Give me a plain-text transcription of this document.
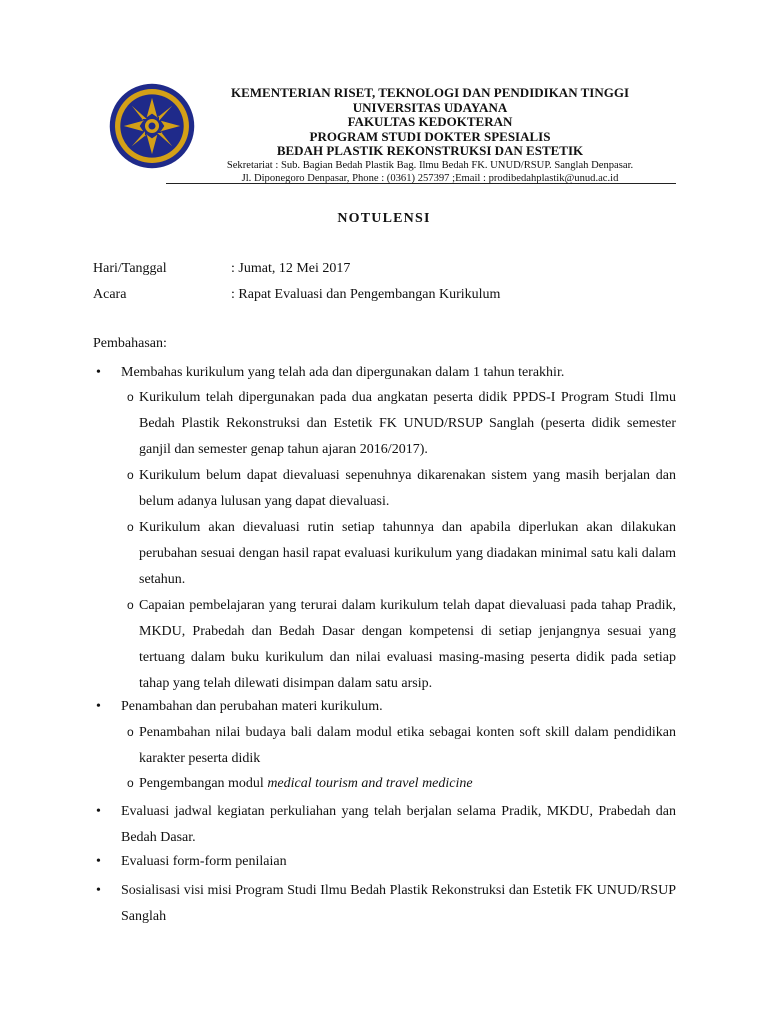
KEMENTERIAN RISET, TEKNOLOGI DAN PENDIDIKAN TINGGI
UNIVERSITAS UDAYANA
FAKULTAS KEDOKTERAN
PROGRAM STUDI DOKTER SPESIALIS
BEDAH PLASTIK REKONSTRUKSI DAN ESTETIK
Sekretariat : Sub. Bagian Bedah Plastik Bag. Ilmu Bedah FK. UNUD/RSUP. Sanglah Denpasar.
Jl. Diponegoro Denpasar, Phone : (0361) 257397 ;Email : prodibedahplastik@unud.ac.id
NOTULENSI
Hari/Tanggal	: Jumat, 12 Mei 2017
Acara	: Rapat Evaluasi dan Pengembangan Kurikulum
Pembahasan:
• Membahas kurikulum yang telah ada dan dipergunakan dalam 1 tahun terakhir.
o Kurikulum telah dipergunakan pada dua angkatan peserta didik PPDS-I Program Studi Ilmu Bedah Plastik Rekonstruksi dan Estetik FK UNUD/RSUP Sanglah (peserta didik semester ganjil dan semester genap tahun ajaran 2016/2017).
o Kurikulum belum dapat dievaluasi sepenuhnya dikarenakan sistem yang masih berjalan dan belum adanya lulusan yang dapat dievaluasi.
o Kurikulum akan dievaluasi rutin setiap tahunnya dan apabila diperlukan akan dilakukan perubahan sesuai dengan hasil rapat evaluasi kurikulum yang diadakan minimal satu kali dalam setahun.
o Capaian pembelajaran yang terurai dalam kurikulum telah dapat dievaluasi pada tahap Pradik, MKDU, Prabedah dan Bedah Dasar dengan kompetensi di setiap jenjangnya sesuai yang tertuang dalam buku kurikulum dan nilai evaluasi masing-masing peserta didik pada setiap tahap yang telah dilewati disimpan dalam satu arsip.
• Penambahan dan perubahan materi kurikulum.
o Penambahan nilai budaya bali dalam modul etika sebagai konten soft skill dalam pendidikan karakter peserta didik
o Pengembangan modul medical tourism and travel medicine
• Evaluasi jadwal kegiatan perkuliahan yang telah berjalan selama Pradik, MKDU, Prabedah dan Bedah Dasar.
• Evaluasi form-form penilaian
• Sosialisasi visi misi Program Studi Ilmu Bedah Plastik Rekonstruksi dan Estetik FK UNUD/RSUP Sanglah
